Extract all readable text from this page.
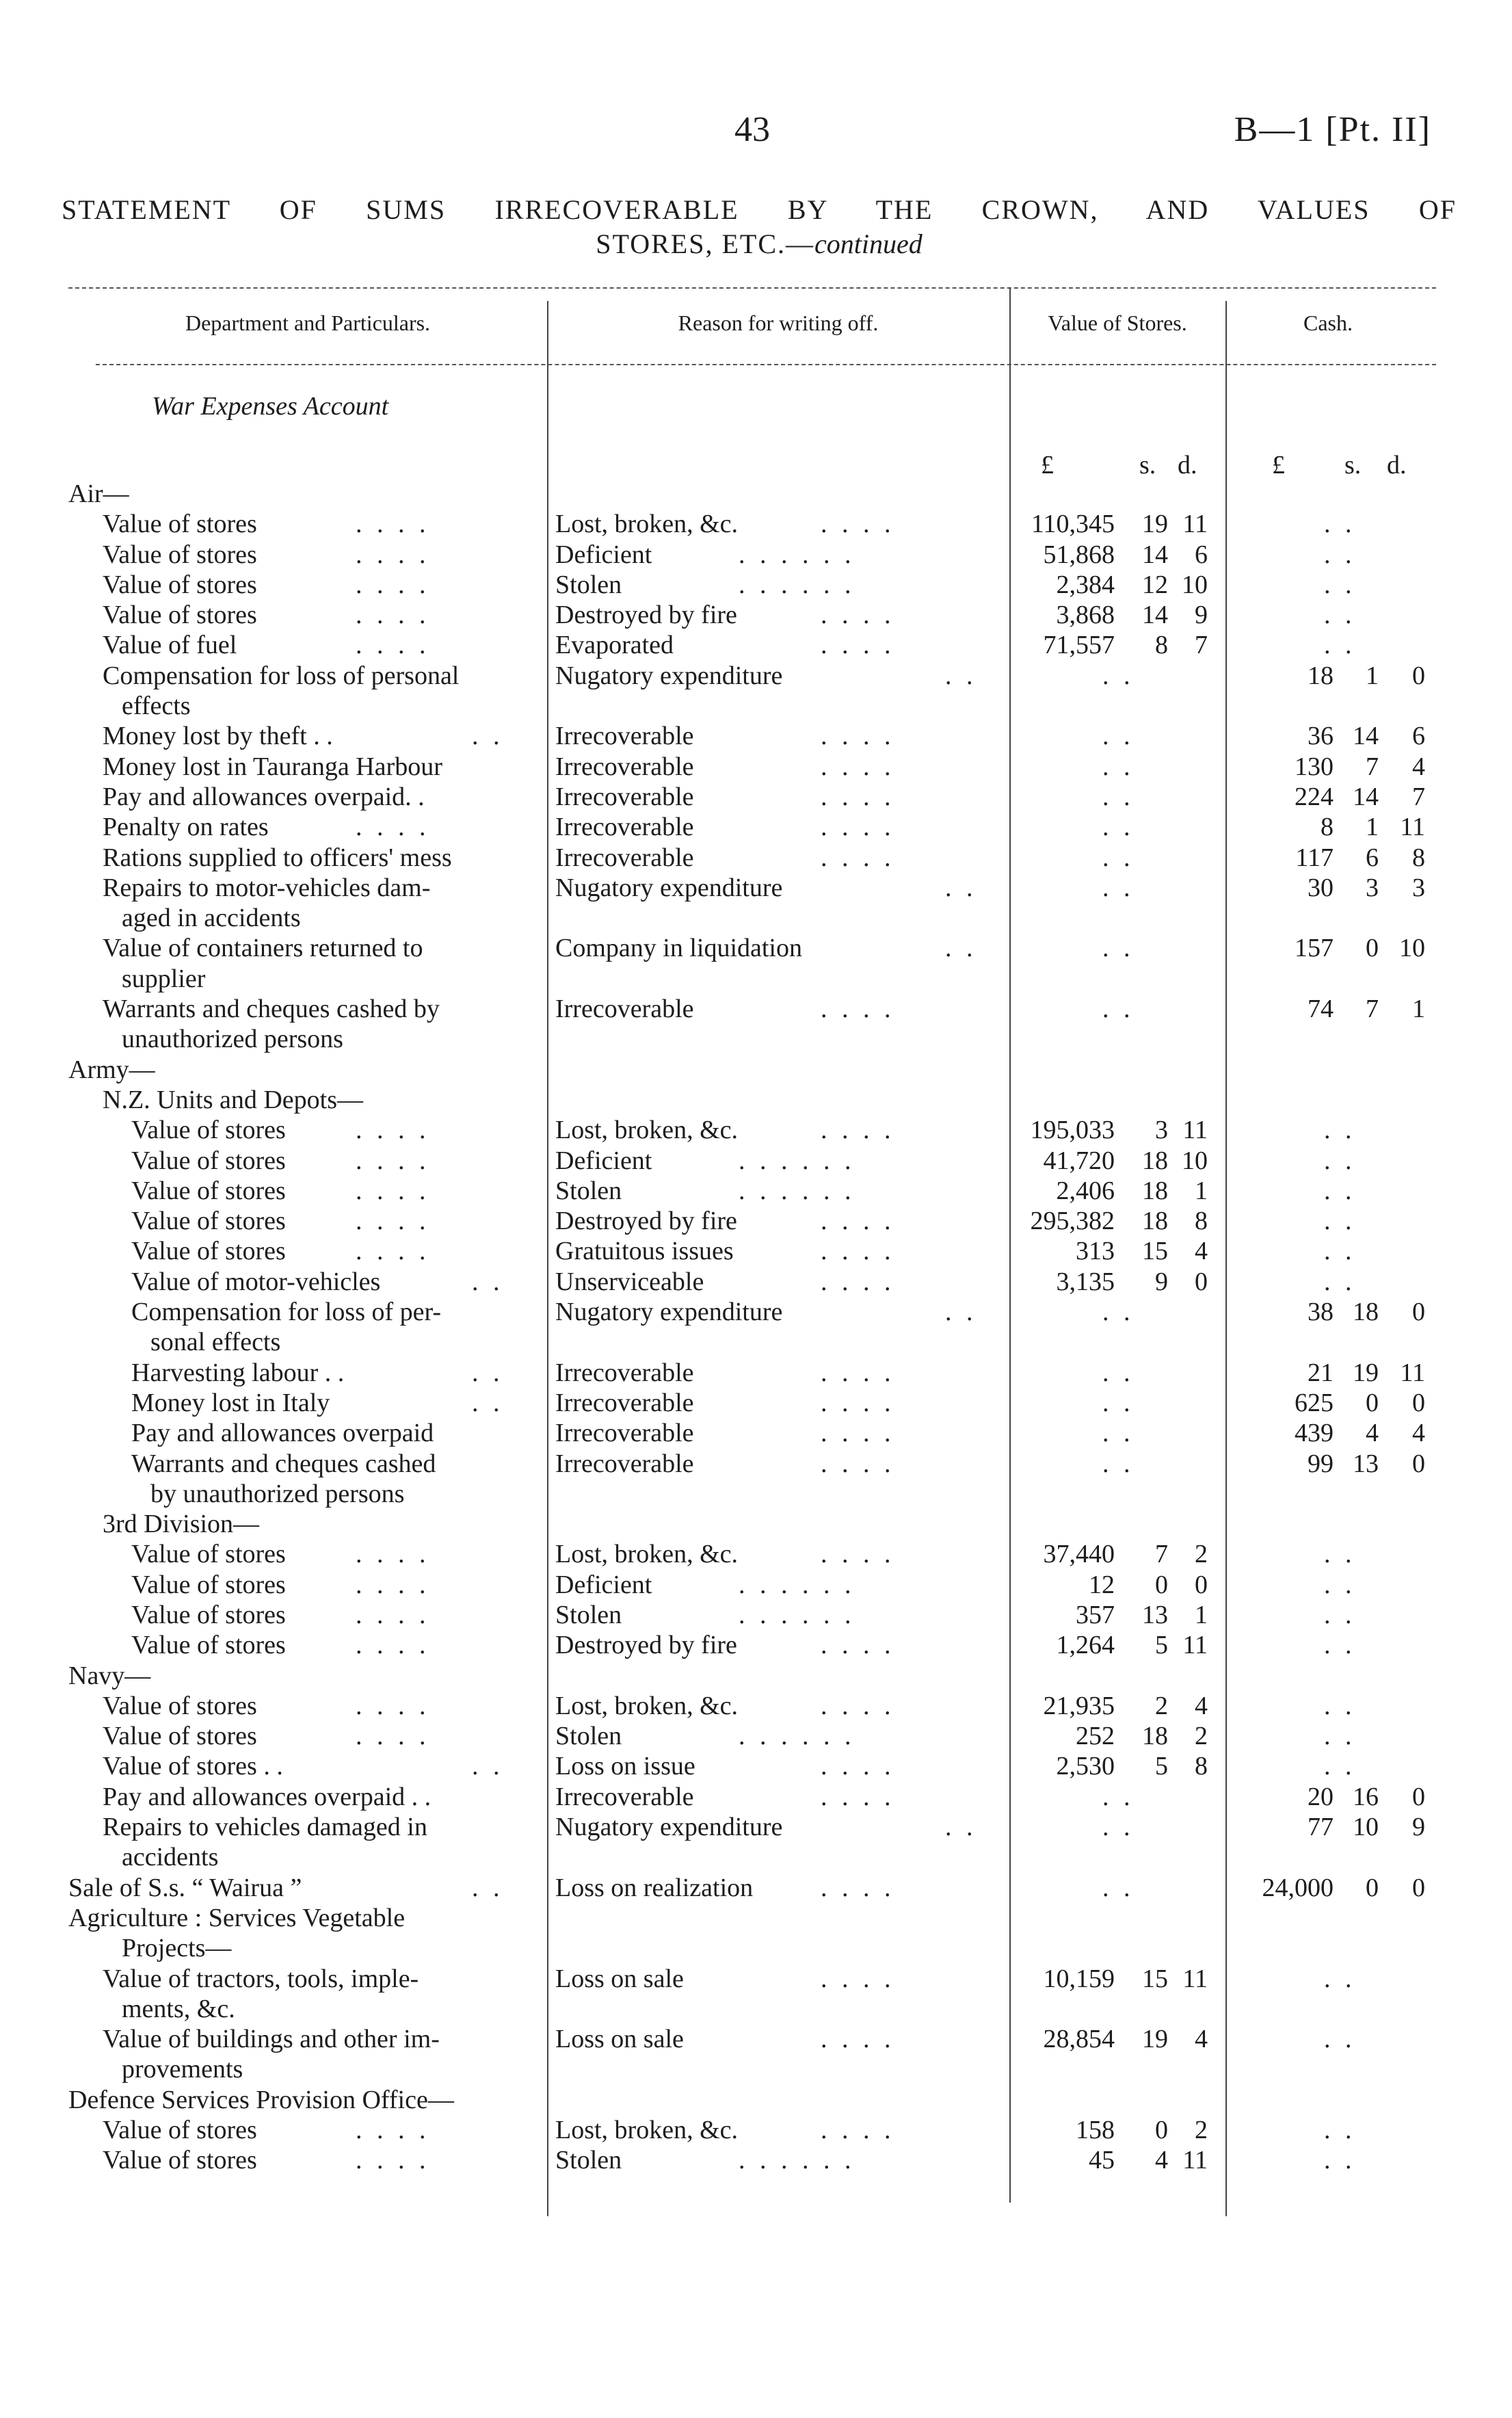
43	B—1 [Pt. II]
STATEMENT OF SUMS IRRECOVERABLE BY THE CROWN, AND VALUES OF
STORES, ETC.—continued
Department and Particulars.	Reason for writing off.	Value of Stores.	Cash.
War Expenses Account
£	s. d.	£ s. d.
Air—
Value of stores	. . . .	Lost, broken, &c.	. . . .	110,345 19 11	. .
Value of stores	. . . .	Deficient	. . . . . .	51,868 14 6	. .
Value of stores	. . . .	Stolen	. . . . . .	2,384 12 10	. .
Value of stores	. . . .	Destroyed by fire	. . . .	3,868 14 9	. .
Value of fuel	. . . .	Evaporated	. . . .	71,557 8 7	. .
Compensation for loss of personal	Nugatory expenditure	. .	. .	18 1 0
effects
Money lost by theft . .	. . Irrecoverable	. . . .	. .	36 14 6
Money lost in Tauranga Harbour	Irrecoverable	. . . .	. .	130 7 4
Pay and allowances overpaid. .	Irrecoverable	. . . .	. .	224 14 7
Penalty on rates	. . . .	Irrecoverable	. . . .	. .	8 1 11
Rations supplied to officers' mess	Irrecoverable	. . . .	. .	117 6 8
Repairs to motor-vehicles dam-	Nugatory expenditure	. .	. .	30 3 3
aged in accidents
Value of containers returned to	Company in liquidation	. .	. .	157 0 10
supplier
Warrants and cheques cashed by	Irrecoverable	. . . .	. .	74 7 1
unauthorized persons
Army—
N.Z. Units and Depots—
Value of stores	. . . .	Lost, broken, &c.	. . . .	195,033 3 11	. .
Value of stores	. . . .	Deficient	. . . . . .	41,720 18 10	. .
Value of stores	. . . .	Stolen	. . . . . .	2,406 18 1	. .
Value of stores	. . . .	Destroyed by fire	. . . .	295,382 18 8	. .
Value of stores	. . . .	Gratuitous issues	. . . .	313 15 4	. .
Value of motor-vehicles	. . Unserviceable	. . . .	3,135 9 0	. .
Compensation for loss of per-	Nugatory expenditure	. .	. .	38 18 0
sonal effects
Harvesting labour . .	. . Irrecoverable	. . . .	. .	21 19 11
Money lost in Italy	. . Irrecoverable	. . . .	. .	625 0 0
Pay and allowances overpaid	Irrecoverable	. . . .	. .	439 4 4
Warrants and cheques cashed	Irrecoverable	. . . .	. .	99 13 0
by unauthorized persons
3rd Division—
Value of stores	. . . .	Lost, broken, &c.	. . . .	37,440 7 2	. .
Value of stores	. . . .	Deficient	. . . . . .	12 0 0	. .
Value of stores	. . . .	Stolen	. . . . . .	357 13 1	. .
Value of stores	. . . .	Destroyed by fire	. . . .	1,264 5 11	. .
Navy—
Value of stores	. . . .	Lost, broken, &c.	. . . .	21,935 2 4	. .
Value of stores	. . . .	Stolen	. . . . . .	252 18 2	. .
Value of stores . .	. . Loss on issue	. . . .	2,530 5 8	. .
Pay and allowances overpaid . .	Irrecoverable	. . . .	. .	20 16 0
Repairs to vehicles damaged in	Nugatory expenditure	. .	. .	77 10 9
accidents
Sale of S.s. “ Wairua ”	. . Loss on realization	. . . .	. .	24,000 0 0
Agriculture : Services Vegetable
Projects—
Value of tractors, tools, imple-	Loss on sale	. . . .	10,159 15 11	. .
ments, &c.
Value of buildings and other im-	Loss on sale	. . . .	28,854 19 4	. .
provements
Defence Services Provision Office—
Value of stores	. . . .	Lost, broken, &c.	. . . .	158 0 2	. .
Value of stores	. . . .	Stolen	. . . . . .	45 4 11	. .
